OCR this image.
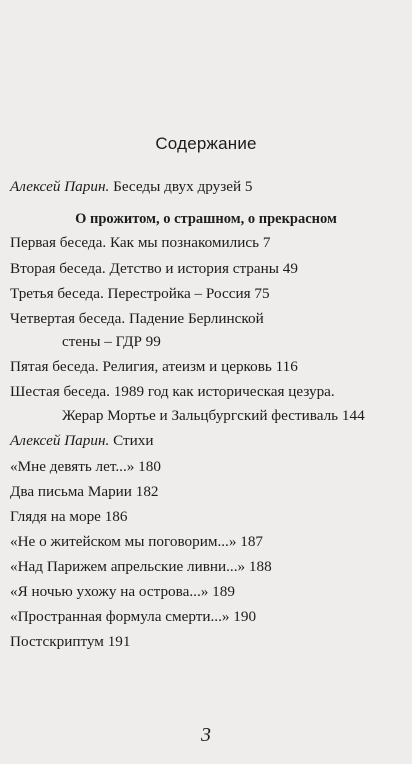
Содержание
Алексей Парин. Беседы двух друзей 5
О прожитом, о страшном, о прекрасном
Первая беседа. Как мы познакомились 7
Вторая беседа. Детство и история страны 49
Третья беседа. Перестройка – Россия 75
Четвертая беседа. Падение Берлинской
стены – ГДР 99
Пятая беседа. Религия, атеизм и церковь 116
Шестая беседа. 1989 год как историческая цезура.
Жерар Мортье и Зальцбургский фестиваль 144
Алексей Парин. Стихи
«Мне девять лет...» 180
Два письма Марии 182
Глядя на море 186
«Не о житейском мы поговорим...» 187
«Над Парижем апрельские ливни...» 188
«Я ночью ухожу на острова...» 189
«Пространная формула смерти...» 190
Постскриптум 191
3
